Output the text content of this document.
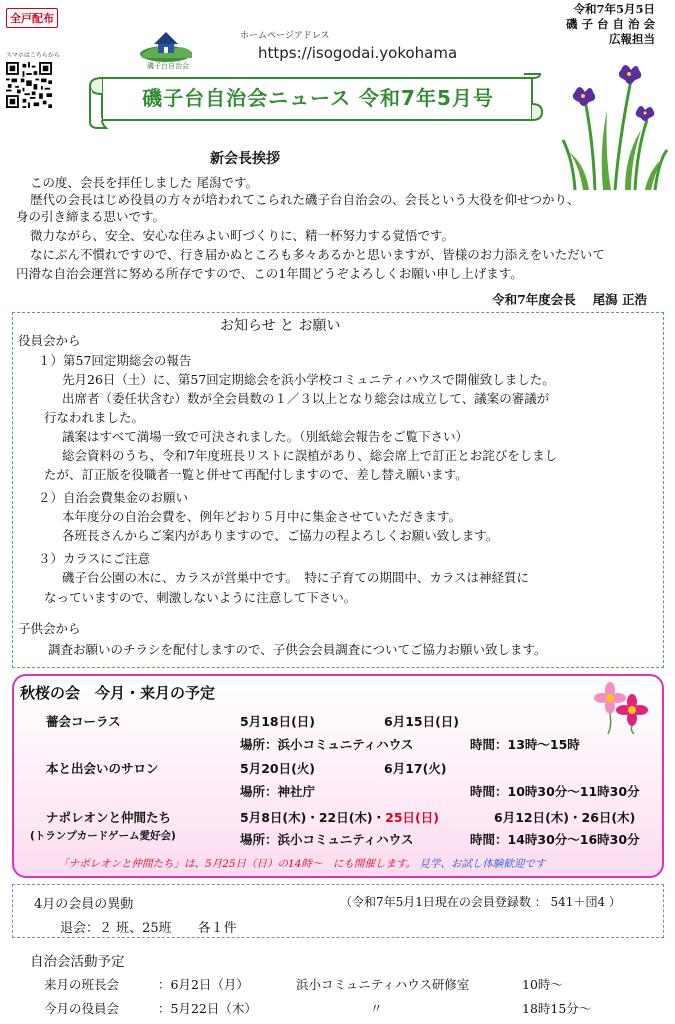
全戸配布
スマホはこちらから
磯子台自治会
ホームページアドレス
https://isogodai.yokohama
令和7年5月5日
磯 子 台 自 治 会
広報担当
磯子台自治会ニュース 令和7年5月号
新会長挨拶
この度、会長を拝任しました 尾潟です。
歴代の会長はじめ役員の方々が培われてこられた磯子台自治会の、会長という大役を仰せつかり、
身の引き締まる思いです。
微力ながら、安全、安心な住みよい町づくりに、精一杯努力する覚悟です。
なにぶん不慣れですので、行き届かぬところも多々あるかと思いますが、皆様のお力添えをいただいて
円滑な自治会運営に努める所存ですので、この1年間どうぞよろしくお願い申し上げます。
令和7年度会長　 尾潟 正浩
お知らせ と お願い
役員会から
１）第57回定期総会の報告
先月26日（土）に、第57回定期総会を浜小学校コミュニティハウスで開催致しました。
出席者（委任状含む）数が全会員数の１／３以上となり総会は成立して、議案の審議が
行なわれました。
議案はすべて満場一致で可決されました。（別紙総会報告をご覧下さい）
総会資料のうち、令和7年度班長リストに誤植があり、総会席上で訂正とお詫びをしまし
たが、訂正版を役職者一覧と併せて再配付しますので、差し替え願います。
２）自治会費集金のお願い
本年度分の自治会費を、例年どおり５月中に集金させていただきます。
各班長さんからご案内がありますので、ご協力の程よろしくお願い致します。
３）カラスにご注意
磯子台公園の木に、カラスが営巣中です。　特に子育ての期間中、カラスは神経質に
なっていますので、刺激しないように注意して下さい。
子供会から
調査お願いのチラシを配付しますので、子供会会員調査についてご協力お願い致します。
秋桜の会　今月・来月の予定
薔会コーラス	5月18日(日)	6月15日(日)
場所：浜小コミュニティハウス	時間：13時～15時
本と出会いのサロン	5月20日(火)	6月17(火)
場所：神社庁	時間：10時30分～11時30分
ナポレオンと仲間たち
(トランプカードゲーム愛好会)
5月8日(木)・22日(木)・25日(日)	6月12日(木)・26日(木)
場所：浜小コミュニティハウス	時間：14時30分～16時30分
「ナポレオンと仲間たち」は、5月25日（日）の14時～　にも開催します。 見学、お試し体験歓迎です
4月の会員の異動	（令和7年5月1日現在の会員登録数 ： 541＋団4 ）
退会：２ 班、25班　　各１件
自治会活動予定
来月の班長会	：6月2日（月）	浜小コミュニティハウス研修室	10時～
今月の役員会	：5月22日（木）	〃	18時15分～
